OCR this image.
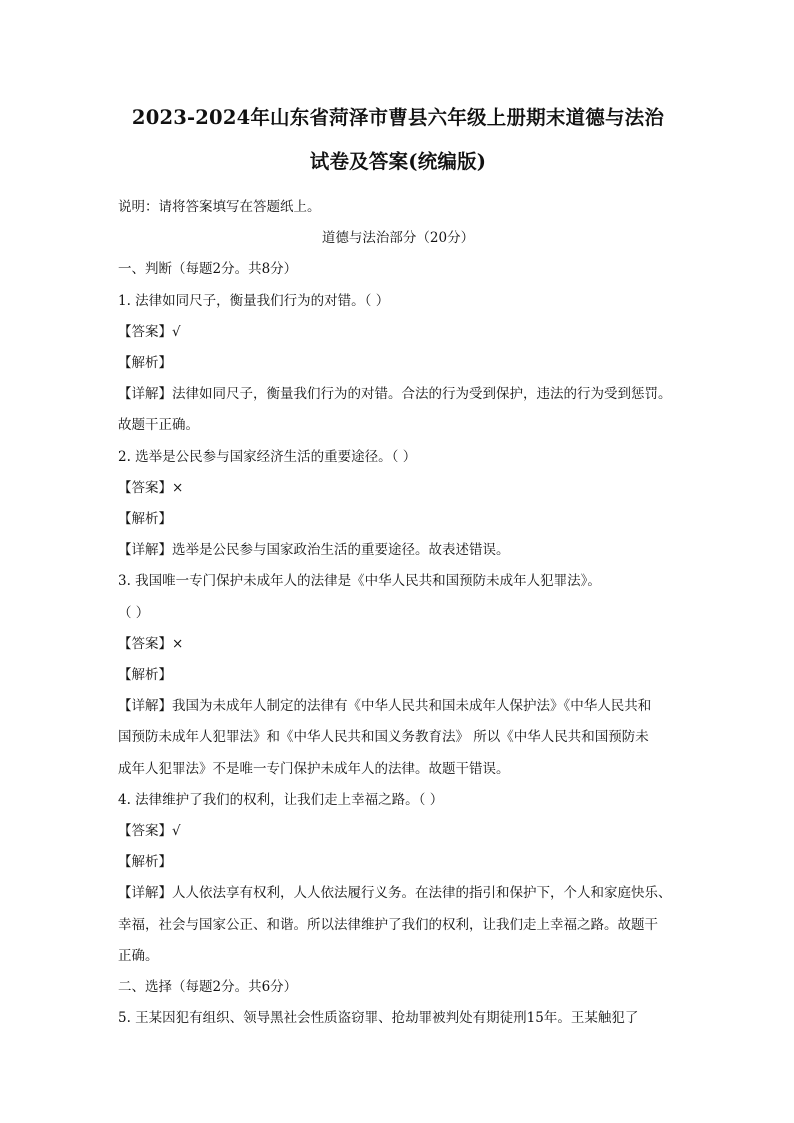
2023-2024年山东省菏泽市曹县六年级上册期末道德与法治
试卷及答案(统编版)
说明：请将答案填写在答题纸上。
道德与法治部分（20分）
一、判断（每题2分。共8分）
1. 法律如同尺子，衡量我们行为的对错。（ ）
【答案】√
【解析】
【详解】法律如同尺子，衡量我们行为的对错。合法的行为受到保护，违法的行为受到惩罚。
故题干正确。
2. 选举是公民参与国家经济生活的重要途径。（ ）
【答案】×
【解析】
【详解】选举是公民参与国家政治生活的重要途径。故表述错误。
3. 我国唯一专门保护未成年人的法律是《中华人民共和国预防未成年人犯罪法》。
（ ）
【答案】×
【解析】
【详解】我国为未成年人制定的法律有《中华人民共和国未成年人保护法》《中华人民共和
国预防未成年人犯罪法》和《中华人民共和国义务教育法》 所以《中华人民共和国预防未
成年人犯罪法》不是唯一专门保护未成年人的法律。故题干错误。
4. 法律维护了我们的权利，让我们走上幸福之路。（ ）
【答案】√
【解析】
【详解】人人依法享有权利，人人依法履行义务。在法律的指引和保护下，个人和家庭快乐、
幸福，社会与国家公正、和谐。所以法律维护了我们的权利，让我们走上幸福之路。故题干
正确。
二、选择（每题2分。共6分）
5. 王某因犯有组织、领导黑社会性质盗窃罪、抢劫罪被判处有期徒刑15年。王某触犯了
